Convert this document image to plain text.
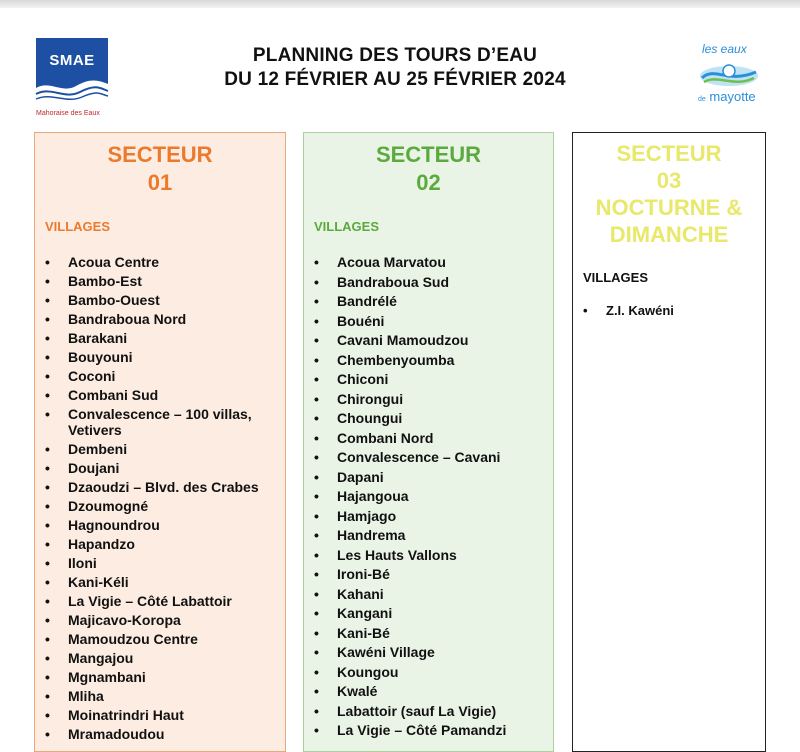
SMAE
Mahoraise des Eaux
PLANNING DES TOURS D’EAU
DU 12 FÉVRIER AU 25 FÉVRIER 2024
les eaux
de mayotte
SECTEUR
01
VILLAGES
• Acoua Centre
• Bambo-Est
• Bambo-Ouest
• Bandraboua Nord
• Barakani
• Bouyouni
• Coconi
• Combani Sud
• Convalescence – 100 villas, Vetivers
• Dembeni
• Doujani
• Dzaoudzi – Blvd. des Crabes
• Dzoumogné
• Hagnoundrou
• Hapandzo
• Iloni
• Kani-Kéli
• La Vigie – Côté Labattoir
• Majicavo-Koropa
• Mamoudzou Centre
• Mangajou
• Mgnambani
• Mliha
• Moinatrindri Haut
• Mramadoudou
SECTEUR
02
VILLAGES
• Acoua Marvatou
• Bandraboua Sud
• Bandrélé
• Bouéni
• Cavani Mamoudzou
• Chembenyoumba
• Chiconi
• Chirongui
• Choungui
• Combani Nord
• Convalescence – Cavani
• Dapani
• Hajangoua
• Hamjago
• Handrema
• Les Hauts Vallons
• Ironi-Bé
• Kahani
• Kangani
• Kani-Bé
• Kawéni Village
• Koungou
• Kwalé
• Labattoir (sauf La Vigie)
• La Vigie – Côté Pamandzi
SECTEUR
03
NOCTURNE &
DIMANCHE
VILLAGES
• Z.I. Kawéni
